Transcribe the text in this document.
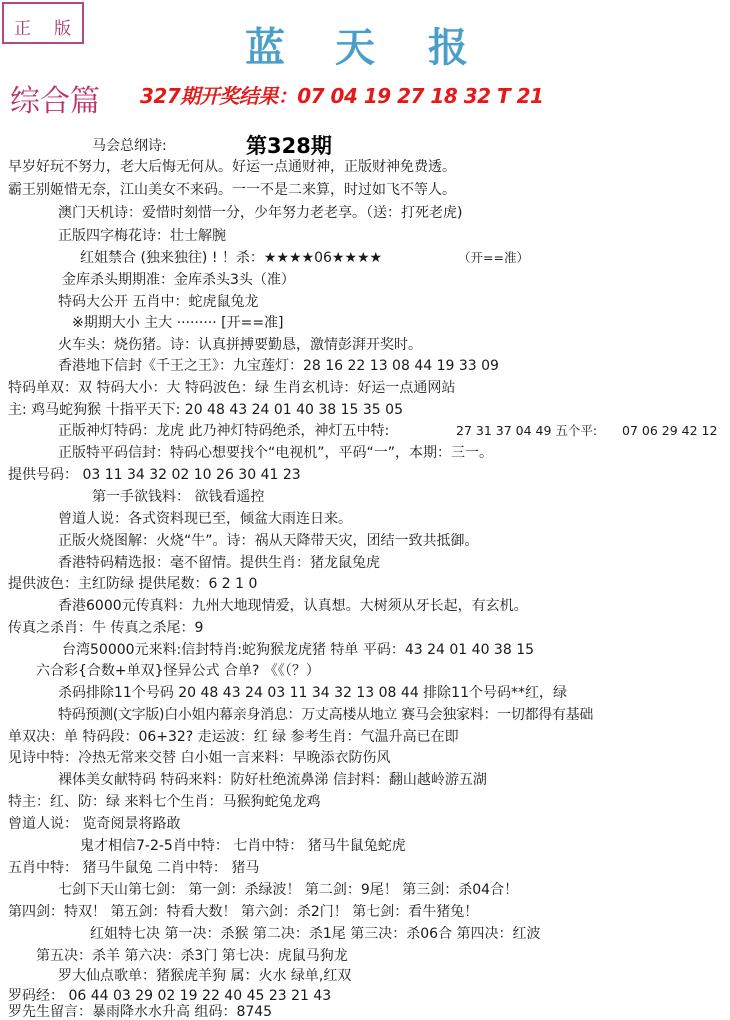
正 版	蓝 天 报
综合篇 327期开奖结果：07 04 19 27 18 32 T 21
第328期
马会总纲诗:
早岁好玩不努力，老大后悔无何从。好运一点通财神，正版财神免费透。
霸王别姬惜无奈，江山美女不来码。一一不是二来算，时过如飞不等人。
澳门天机诗：爱惜时刻惜一分，少年努力老老享。（送：打死老虎)
正版四字梅花诗：壮士解腕
红姐禁合 (独来独往) ! ！杀：★★★★06★★★★	（开==准）
金库杀头期期准：金库杀头3头（准）
特码大公开 五肖中：蛇虎鼠兔龙
※期期大小 主大 ········· [开==准]
火车头：烧伤猪。诗：认真拼搏要勤恳，激情彭湃开奖时。
香港地下信封《千王之王》：九宝莲灯：28 16 22 13 08 44 19 33 09
特码单双：双 特码大小：大 特码波色：绿 生肖玄机诗：好运一点通网站
主: 鸡马蛇狗猴 十指平天下: 20 48 43 24 01 40 38 15 35 05
正版神灯特码：龙虎 此乃神灯特码绝杀，神灯五中特:	27 31 37 04 49 五个平: 07 06 29 42 12
正版特平码信封：特码心想要找个“电视机”，平码“一”，本期：三一。
提供号码： 03 11 34 32 02 10 26 30 41 23
第一手欲钱料： 欲钱看遥控
曾道人说：各式资料现已至，倾盆大雨连日来。
正版火烧图解：火烧“牛”。诗：祸从天降带天灾，团结一致共抵御。
香港特码精选报：毫不留情。提供生肖：猪龙鼠兔虎
提供波色：主红防绿 提供尾数：6 2 1 0
香港6000元传真料：九州大地现情爱，认真想。大树须从牙长起，有玄机。
传真之杀肖：牛 传真之杀尾：9
台湾50000元来料:信封特肖:蛇狗猴龙虎猪 特单 平码：43 24 01 40 38 15
六合彩{合数+单双}怪异公式 合单? 《《（？）
杀码排除11个号码 20 48 43 24 03 11 34 32 13 08 44 排除11个号码**红，绿
特码预测(文字版)白小姐内幕亲身消息：万丈高楼从地立 赛马会独家料：一切都得有基础
单双决：单 特码段：06+32? 走运波：红 绿 参考生肖：气温升高已在即
见诗中特：冷热无常来交替 白小姐一言来料：早晚添衣防伤风
裸体美女献特码 特码来料：防好杜绝流鼻涕 信封料：翻山越岭游五湖
特主：红、防：绿 来料七个生肖：马猴狗蛇兔龙鸡
曾道人说： 览奇阅景将路敢
鬼才相信7-2-5肖中特： 七肖中特： 猪马牛鼠兔蛇虎
五肖中特： 猪马牛鼠兔 二肖中特： 猪马
七剑下天山第七剑： 第一剑：杀绿波！ 第二剑：9尾！ 第三剑：杀04合！
第四剑：特双！ 第五剑：特看大数！ 第六剑：杀2门！ 第七剑：看牛猪兔！
红姐特七决 第一决：杀猴 第二决：杀1尾 第三决：杀06合 第四决：红波
第五决：杀羊 第六决：杀3门 第七决：虎鼠马狗龙
罗大仙点歌单：猪猴虎羊狗 属：火水 绿单,红双
罗码经： 06 44 03 29 02 19 22 40 45 23 21 43
罗先生留言：暴雨降水水升高 组码：8745
